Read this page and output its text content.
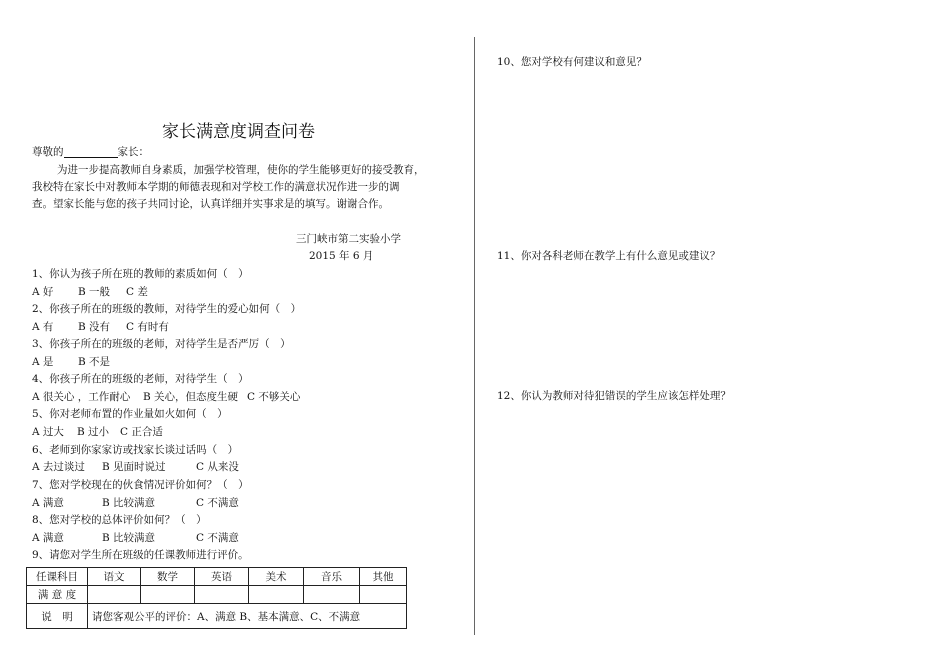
家长满意度调查问卷
尊敬的	家长：
为进一步提高教师自身素质，加强学校管理，使你的学生能够更好的接受教育，
我校特在家长中对教师本学期的师德表现和对学校工作的满意状况作进一步的调
查。望家长能与您的孩子共同讨论，认真详细并实事求是的填写。谢谢合作。
三门峡市第二实验小学
2015 年 6 月
1、你认为孩子所在班的教师的素质如何（　）
A 好 B 一般 C 差
2、你孩子所在的班级的教师，对待学生的爱心如何（　）
A 有 B 没有 C 有时有
3、你孩子所在的班级的老师，对待学生是否严厉（　）
A 是 B 不是
4、你孩子所在的班级的老师，对待学生（　）
A 很关心 ，工作耐心 B 关心，但态度生硬 C 不够关心
5、你对老师布置的作业量如火如何（　）
A 过大 B 过小 C 正合适
6、老师到你家家访或找家长谈过话吗（　）
A 去过谈过 B 见面时说过	C 从来没
7、您对学校现在的伙食情况评价如何？（　）
A 满意	B 比较满意	C 不满意
8、您对学校的总体评价如何？（　）
A 满意	B 比较满意	C 不满意
9、请您对学生所在班级的任课教师进行评价。
任课科目	语文	数学	英语	美术	音乐	其他
满 意 度						
说　明	请您客观公平的评价：A、满意 B、基本满意、C、不满意					
10、您对学校有何建议和意见？
11、你对各科老师在教学上有什么意见或建议？
12、你认为教师对待犯错误的学生应该怎样处理？
